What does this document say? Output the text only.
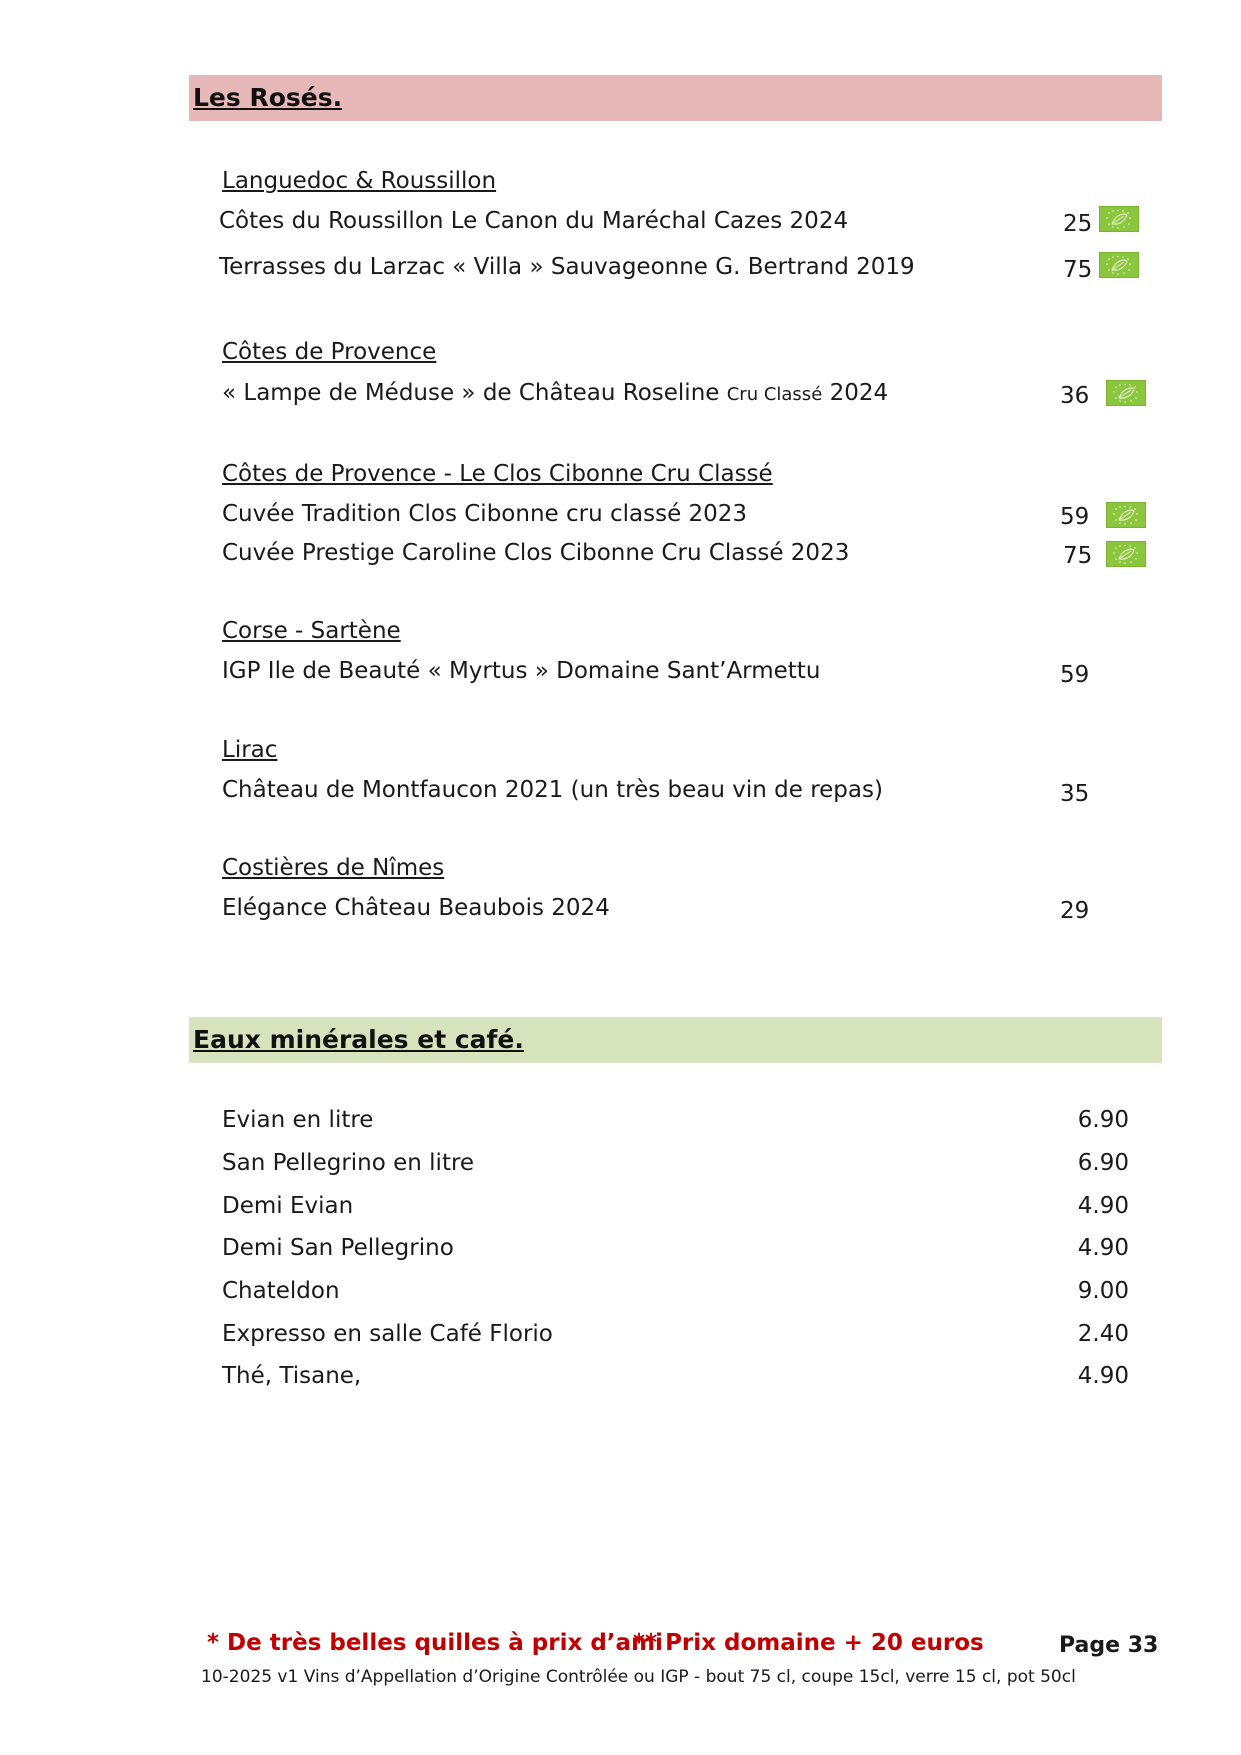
Les Rosés.
Languedoc & Roussillon
Côtes du Roussillon Le Canon du Maréchal Cazes 2024	25
Terrasses du Larzac « Villa » Sauvageonne G. Bertrand 2019	75
Côtes de Provence
« Lampe de Méduse » de Château Roseline Cru Classé 2024	36
Côtes de Provence - Le Clos Cibonne Cru Classé
Cuvée Tradition Clos Cibonne cru classé 2023	59
Cuvée Prestige Caroline Clos Cibonne Cru Classé 2023	75
Corse - Sartène
IGP Ile de Beauté « Myrtus » Domaine Sant’Armettu	59
Lirac
Château de Montfaucon 2021 (un très beau vin de repas)	35
Costières de Nîmes
Elégance Château Beaubois 2024	29
Eaux minérales et café.
Evian en litre	6.90
San Pellegrino en litre	6.90
Demi Evian	4.90
Demi San Pellegrino	4.90
Chateldon	9.00
Expresso en salle Café Florio	2.40
Thé, Tisane,	4.90
* De très belles quilles à prix d’ami
** Prix domaine + 20 euros	Page 33
10-2025 v1 Vins d’Appellation d’Origine Contrôlée ou IGP - bout 75 cl, coupe 15cl, verre 15 cl, pot 50cl
